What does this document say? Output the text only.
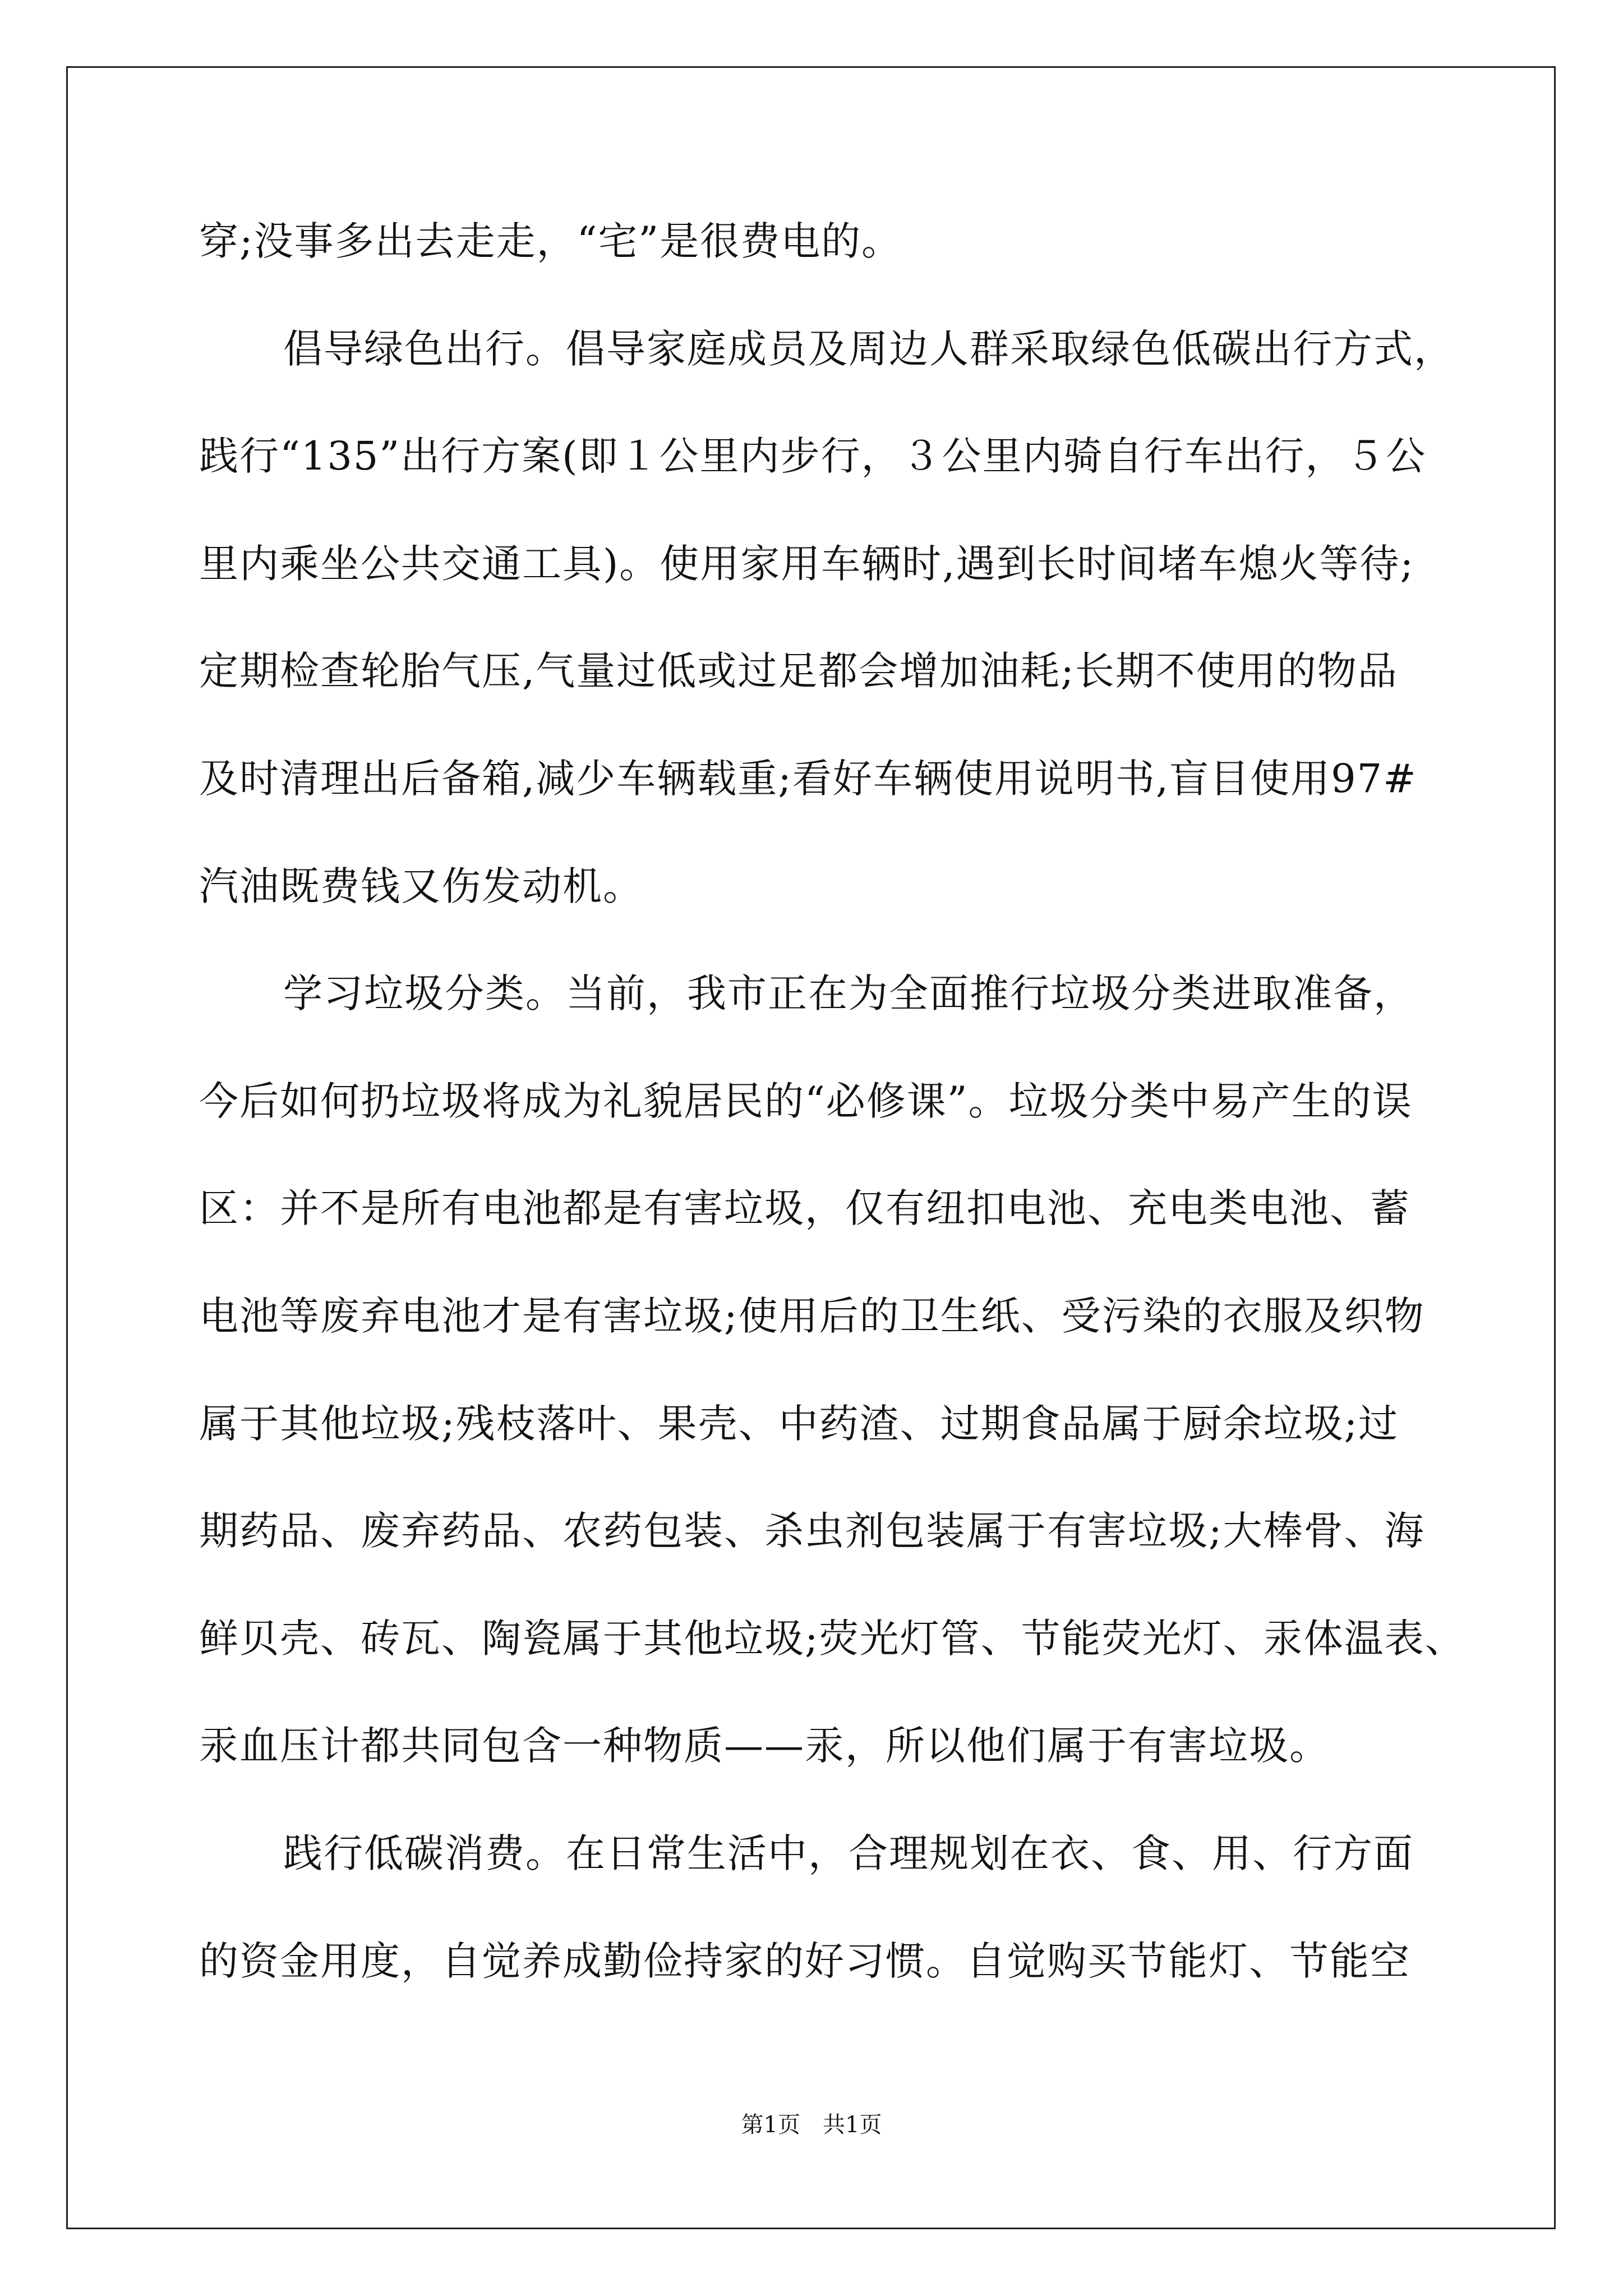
穿;没事多出去走走，“宅”是很费电的。
倡导绿色出行。倡导家庭成员及周边人群采取绿色低碳出行方式，
践行“135”出行方案(即１公里内步行，３公里内骑自行车出行，５公
里内乘坐公共交通工具)。使用家用车辆时,遇到长时间堵车熄火等待;
定期检查轮胎气压,气量过低或过足都会增加油耗;长期不使用的物品
及时清理出后备箱,减少车辆载重;看好车辆使用说明书,盲目使用97#
汽油既费钱又伤发动机。
学习垃圾分类。当前，我市正在为全面推行垃圾分类进取准备，
今后如何扔垃圾将成为礼貌居民的“必修课”。垃圾分类中易产生的误
区：并不是所有电池都是有害垃圾，仅有纽扣电池、充电类电池、蓄
电池等废弃电池才是有害垃圾;使用后的卫生纸、受污染的衣服及织物
属于其他垃圾;残枝落叶、果壳、中药渣、过期食品属于厨余垃圾;过
期药品、废弃药品、农药包装、杀虫剂包装属于有害垃圾;大棒骨、海
鲜贝壳、砖瓦、陶瓷属于其他垃圾;荧光灯管、节能荧光灯、汞体温表、
汞血压计都共同包含一种物质——汞，所以他们属于有害垃圾。
践行低碳消费。在日常生活中，合理规划在衣、食、用、行方面
的资金用度，自觉养成勤俭持家的好习惯。自觉购买节能灯、节能空
第1页　共1页
